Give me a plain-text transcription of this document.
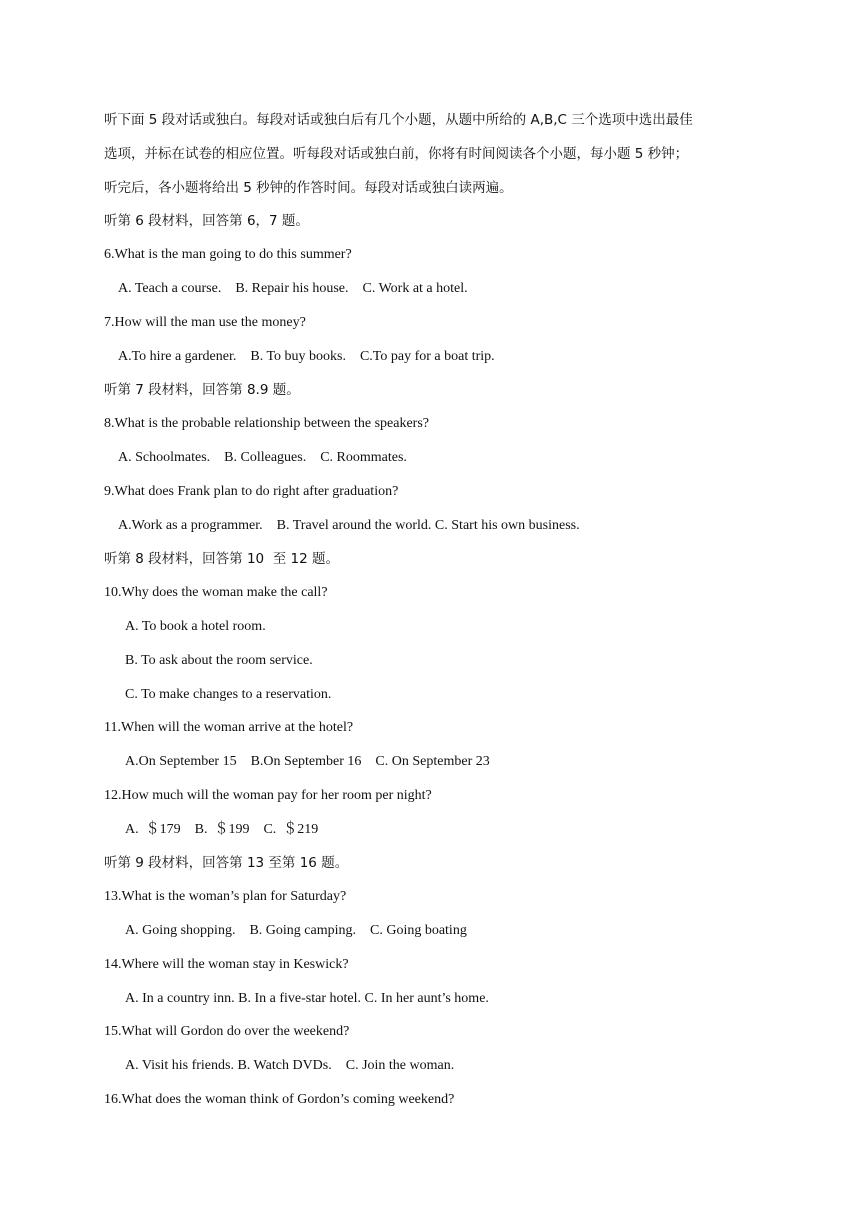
听下面 5 段对话或独白。每段对话或独白后有几个小题，从题中所给的 A,B,C 三个选项中选出最佳
选项，并标在试卷的相应位置。听每段对话或独白前，你将有时间阅读各个小题，每小题 5 秒钟；
听完后，各小题将给出 5 秒钟的作答时间。每段对话或独白读两遍。
听第 6 段材料，回答第 6，7 题。
6.What is the man going to do this summer?
A. Teach a course.    B. Repair his house.    C. Work at a hotel.
7.How will the man use the money?
A.To hire a gardener.    B. To buy books.    C.To pay for a boat trip.
听第 7 段材料，回答第 8.9 题。
8.What is the probable relationship between the speakers?
A. Schoolmates.    B. Colleagues.    C. Roommates.
9.What does Frank plan to do right after graduation?
A.Work as a programmer.    B. Travel around the world. C. Start his own business.
听第 8 段材料，回答第 10  至 12 题。
10.Why does the woman make the call?
A. To book a hotel room.
B. To ask about the room service.
C. To make changes to a reservation.
11.When will the woman arrive at the hotel?
A.On September 15    B.On September 16    C. On September 23
12.How much will the woman pay for her room per night?
A.  ＄179    B.  ＄199    C.  ＄219
听第 9 段材料，回答第 13 至第 16 题。
13.What is the woman’s plan for Saturday?
A. Going shopping.    B. Going camping.    C. Going boating
14.Where will the woman stay in Keswick?
A. In a country inn. B. In a five-star hotel. C. In her aunt’s home.
15.What will Gordon do over the weekend?
A. Visit his friends. B. Watch DVDs.    C. Join the woman.
16.What does the woman think of Gordon’s coming weekend?
